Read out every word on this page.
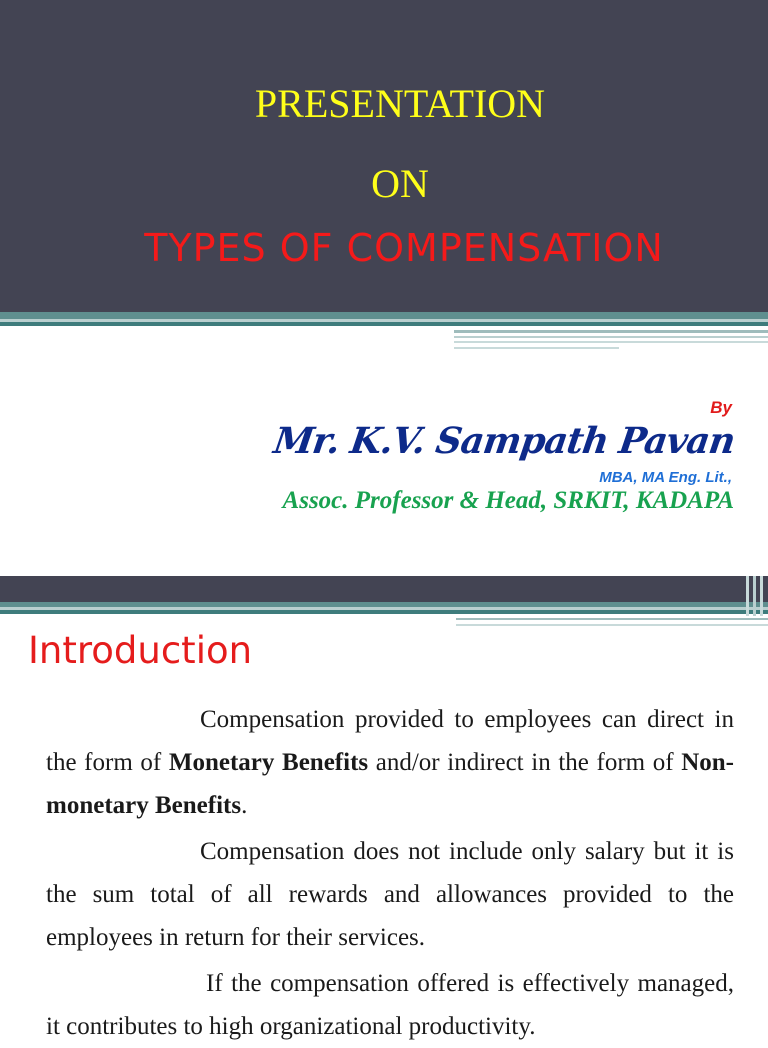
PRESENTATION
ON
TYPES OF COMPENSATION
By
Mr. K.V. Sampath Pavan
MBA, MA Eng. Lit.,
Assoc. Professor & Head, SRKIT, KADAPA
Introduction
Compensation provided to employees can direct in the form of Monetary Benefits and/or indirect in the form of Non-monetary Benefits.
Compensation does not include only salary but it is the sum total of all rewards and allowances provided to the employees in return for their services.
If the compensation offered is effectively managed, it contributes to high organizational productivity.
